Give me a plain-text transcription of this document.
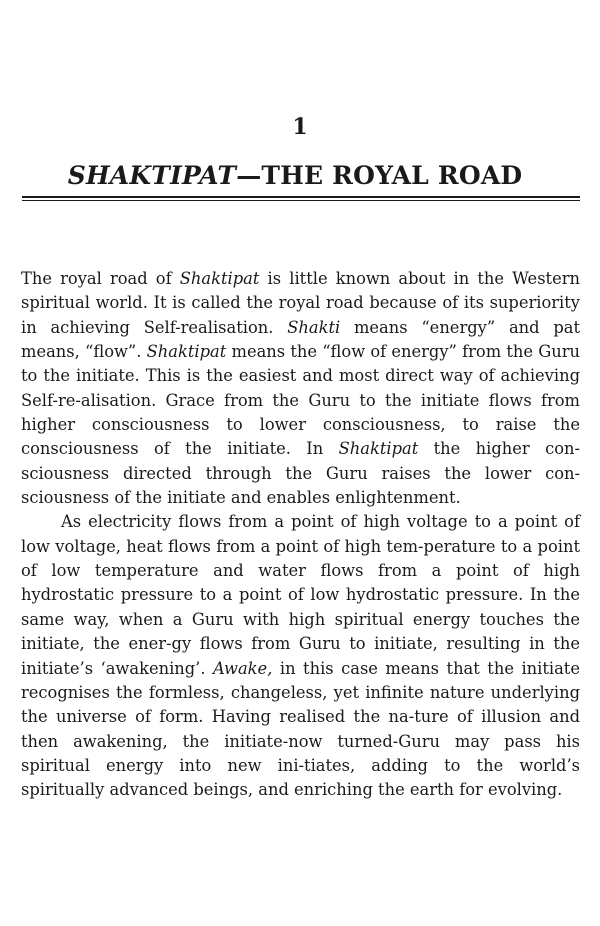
1
SHAKTIPAT—THE ROYAL ROAD

The royal road of Shaktipat is little known about in the Western spiritual world. It is called the royal road because of its superiority in achieving Self-realisation. Shakti means “energy” and pat means, “flow”. Shaktipat means the “flow of energy” from the Guru to the initiate. This is the easiest and most direct way of achieving Self-re-alisation. Grace from the Guru to the initiate flows from higher consciousness to lower consciousness, to raise the consciousness of the initiate. In Shaktipat the higher con-sciousness directed through the Guru raises the lower con-sciousness of the initiate and enables enlightenment.

As electricity flows from a point of high voltage to a point of low voltage, heat flows from a point of high tem-perature to a point of low temperature and water flows from a point of high hydrostatic pressure to a point of low hydrostatic pressure. In the same way, when a Guru with high spiritual energy touches the initiate, the ener-gy flows from Guru to initiate, resulting in the initiate’s ‘awakening’. Awake, in this case means that the initiate recognises the formless, changeless, yet infinite nature underlying the universe of form. Having realised the na-ture of illusion and then awakening, the initiate-now turned-Guru may pass his spiritual energy into new ini-tiates, adding to the world’s spiritually advanced beings, and enriching the earth for evolving.
